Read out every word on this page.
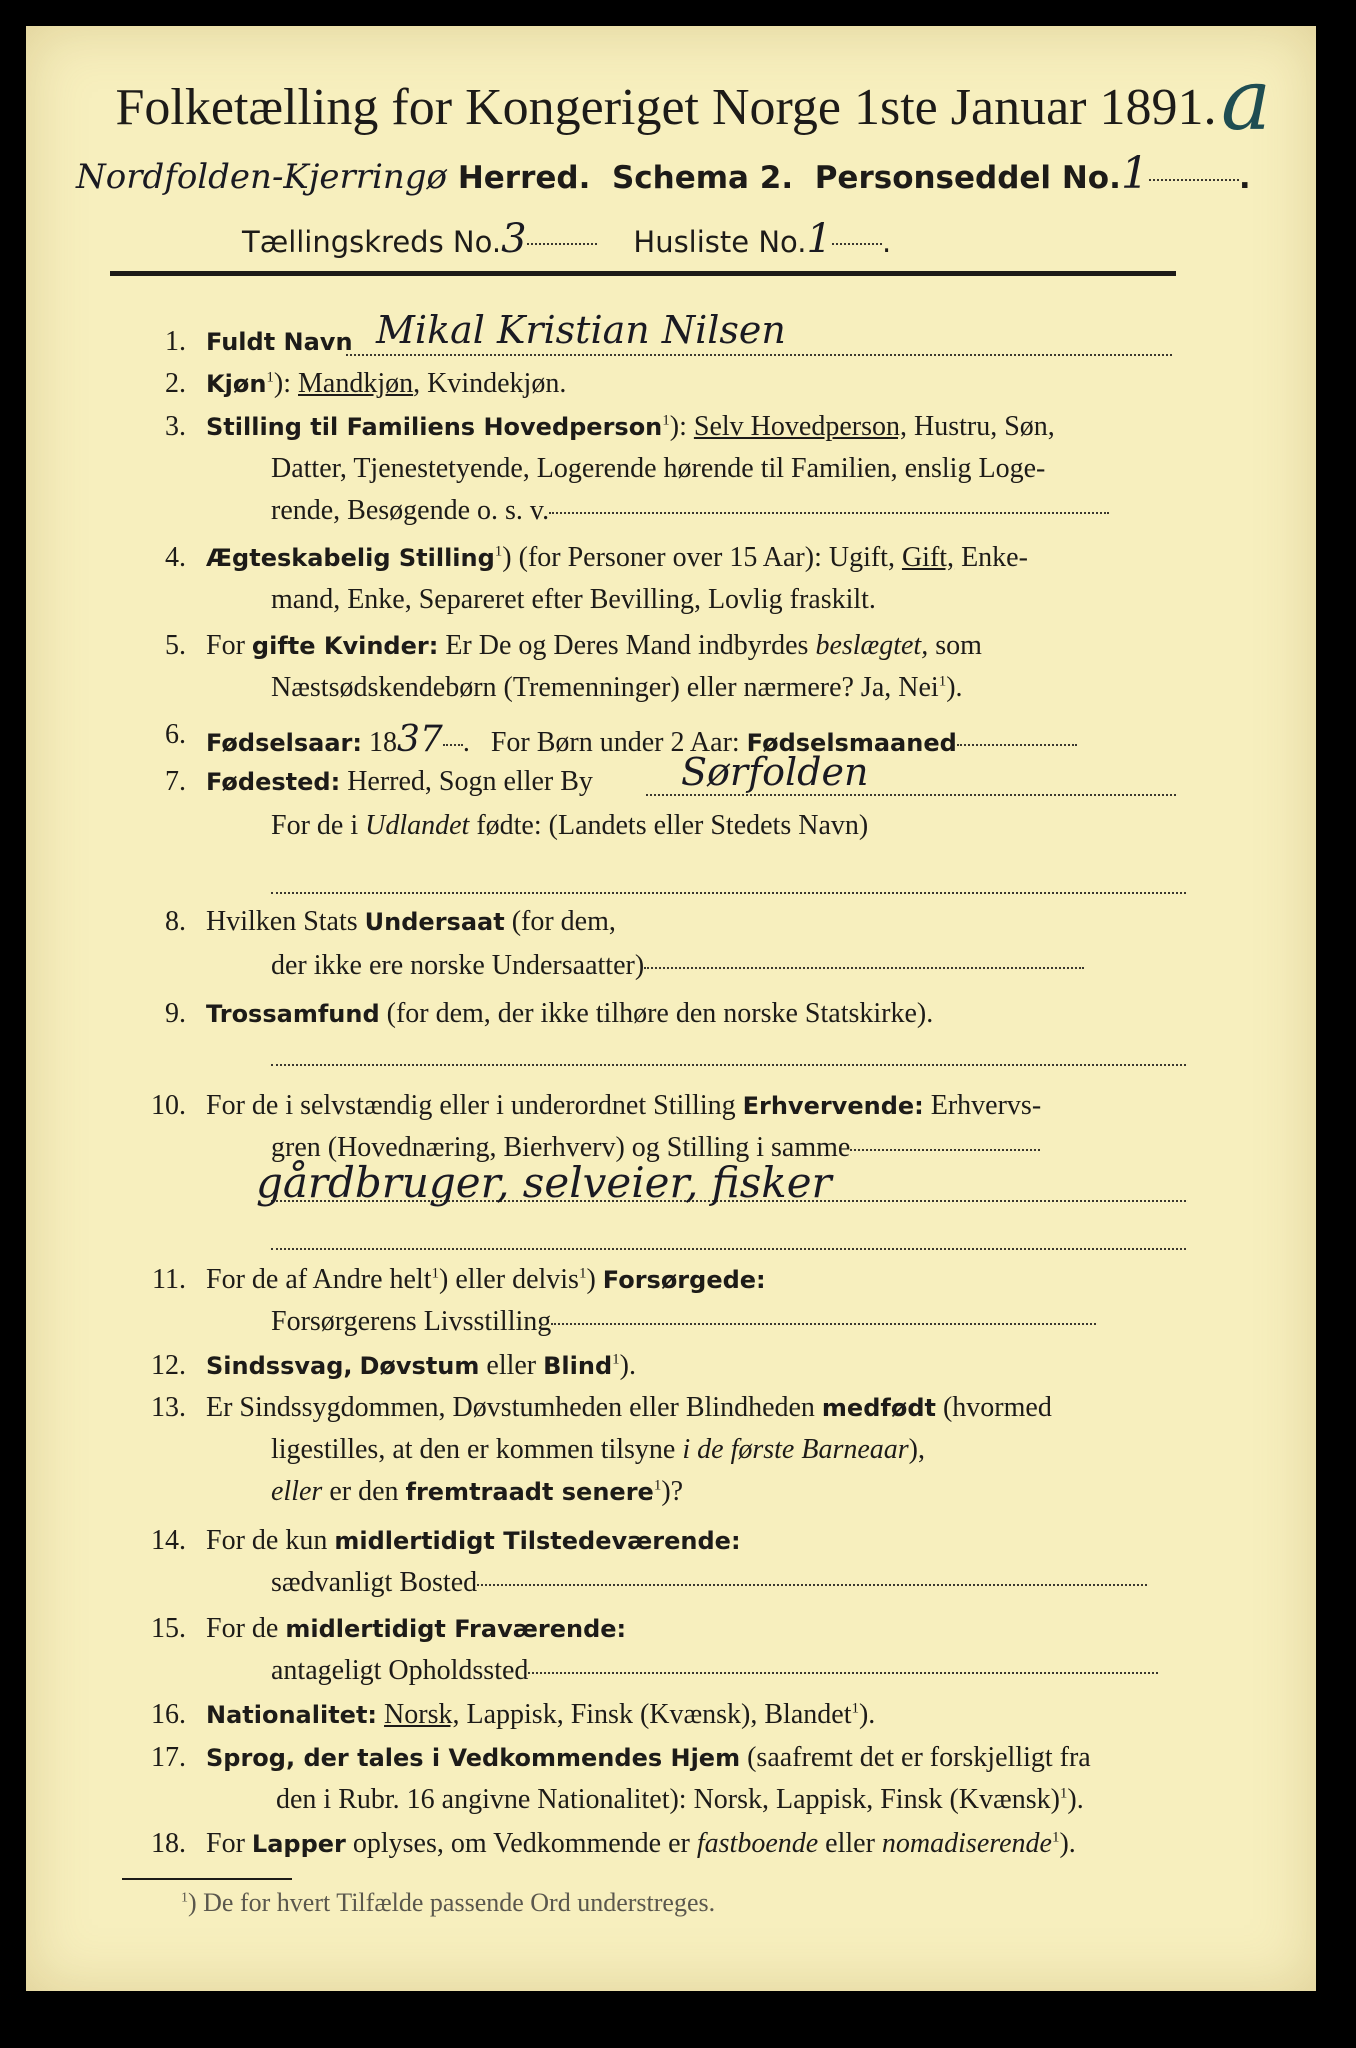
a
Folketælling for Kongeriget Norge 1ste Januar 1891.
Nordfolden-Kjerringø Herred. Schema 2. Personseddel No.1	.
Tællingskreds No.3	Husliste No.1 .
1. Fuldt Navn Mikal Kristian Nilsen
2. Kjøn$^1$): Mandkjøn, Kvindekjøn.
3. Stilling til Familiens Hovedperson$^1$): Selv Hovedperson, Hustru, Søn,
Datter, Tjenestetyende, Logerende hørende til Familien, enslig Loge-
rende, Besøgende o. s. v.
4. Ægteskabelig Stilling$^1$) (for Personer over 15 Aar): Ugift, Gift, Enke-
mand, Enke, Separeret efter Bevilling, Lovlig fraskilt.
5. For gifte Kvinder: Er De og Deres Mand indbyrdes beslægtet, som
Næstsødskendebørn (Tremenninger) eller nærmere? Ja, Nei$^1$).
6. Fødselsaar: 1837 .   For Børn under 2 Aar: Fødselsmaaned
7. Fødested: Herred, Sogn eller By	Sørfolden
For de i Udlandet fødte: (Landets eller Stedets Navn)
8. Hvilken Stats Undersaat (for dem,
der ikke ere norske Undersaatter)
9. Trossamfund (for dem, der ikke tilhøre den norske Statskirke).
10. For de i selvstændig eller i underordnet Stilling Erhvervende: Erhvervs-
gren (Hovednæring, Bierhverv) og Stilling i samme
gårdbruger, selveier, fisker
11. For de af Andre helt$^1$) eller delvis$^1$) Forsørgede:
Forsørgerens Livsstilling
12. Sindssvag, Døvstum eller Blind$^1$).
13. Er Sindssygdommen, Døvstumheden eller Blindheden medfødt (hvormed
ligestilles, at den er kommen tilsyne i de første Barneaar),
eller er den fremtraadt senere$^1$)?
14. For de kun midlertidigt Tilstedeværende:
sædvanligt Bosted
15. For de midlertidigt Fraværende:
antageligt Opholdssted
16. Nationalitet: Norsk, Lappisk, Finsk (Kvænsk), Blandet$^1$).
17. Sprog, der tales i Vedkommendes Hjem (saafremt det er forskjelligt fra
den i Rubr. 16 angivne Nationalitet): Norsk, Lappisk, Finsk (Kvænsk)$^1$).
18. For Lapper oplyses, om Vedkommende er fastboende eller nomadiserende$^1$).
$^1$) De for hvert Tilfælde passende Ord understreges.
